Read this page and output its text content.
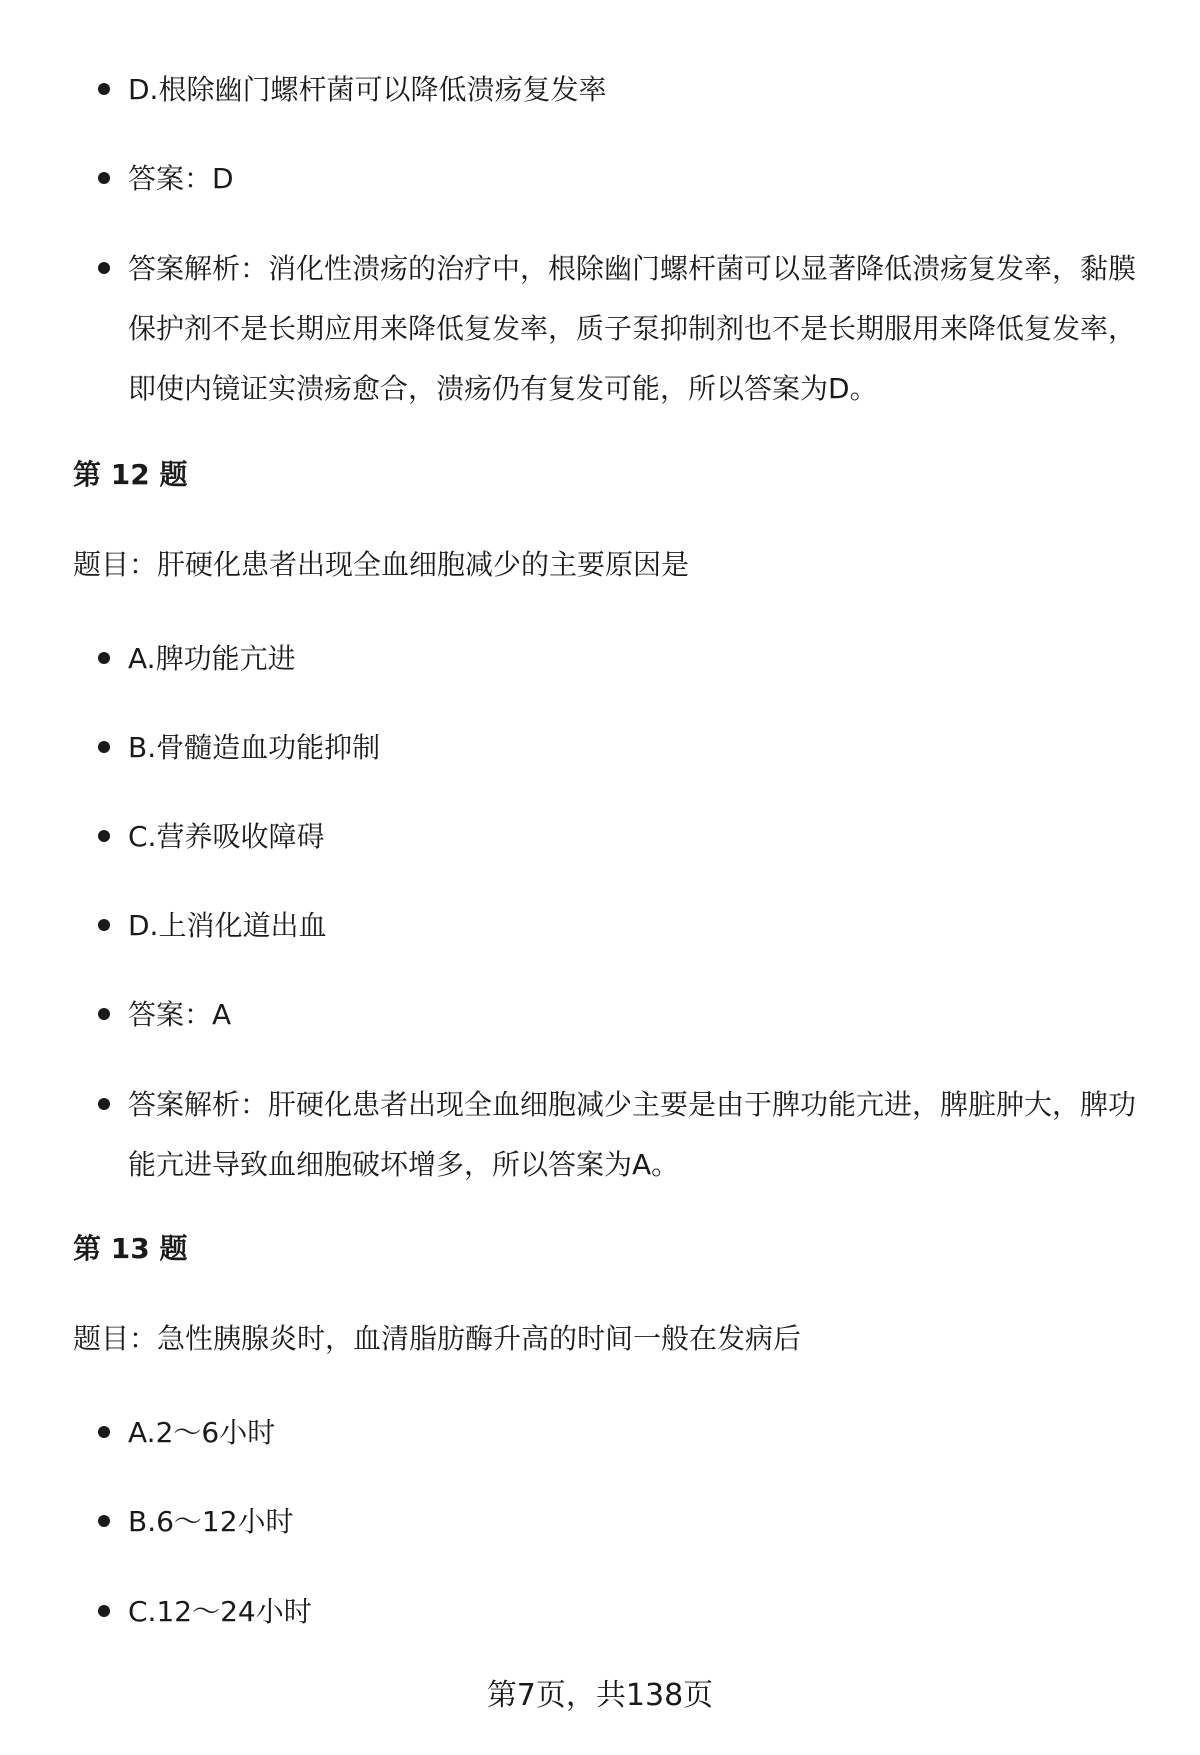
D.根除幽门螺杆菌可以降低溃疡复发率
答案：D
答案解析：消化性溃疡的治疗中，根除幽门螺杆菌可以显著降低溃疡复发率，黏膜保护剂不是长期应用来降低复发率，质子泵抑制剂也不是长期服用来降低复发率，即使内镜证实溃疡愈合，溃疡仍有复发可能，所以答案为D。
第 12 题
题目：肝硬化患者出现全血细胞减少的主要原因是
A.脾功能亢进
B.骨髓造血功能抑制
C.营养吸收障碍
D.上消化道出血
答案：A
答案解析：肝硬化患者出现全血细胞减少主要是由于脾功能亢进，脾脏肿大，脾功能亢进导致血细胞破坏增多，所以答案为A。
第 13 题
题目：急性胰腺炎时，血清脂肪酶升高的时间一般在发病后
A.2～6小时
B.6～12小时
C.12～24小时
第7页，共138页
